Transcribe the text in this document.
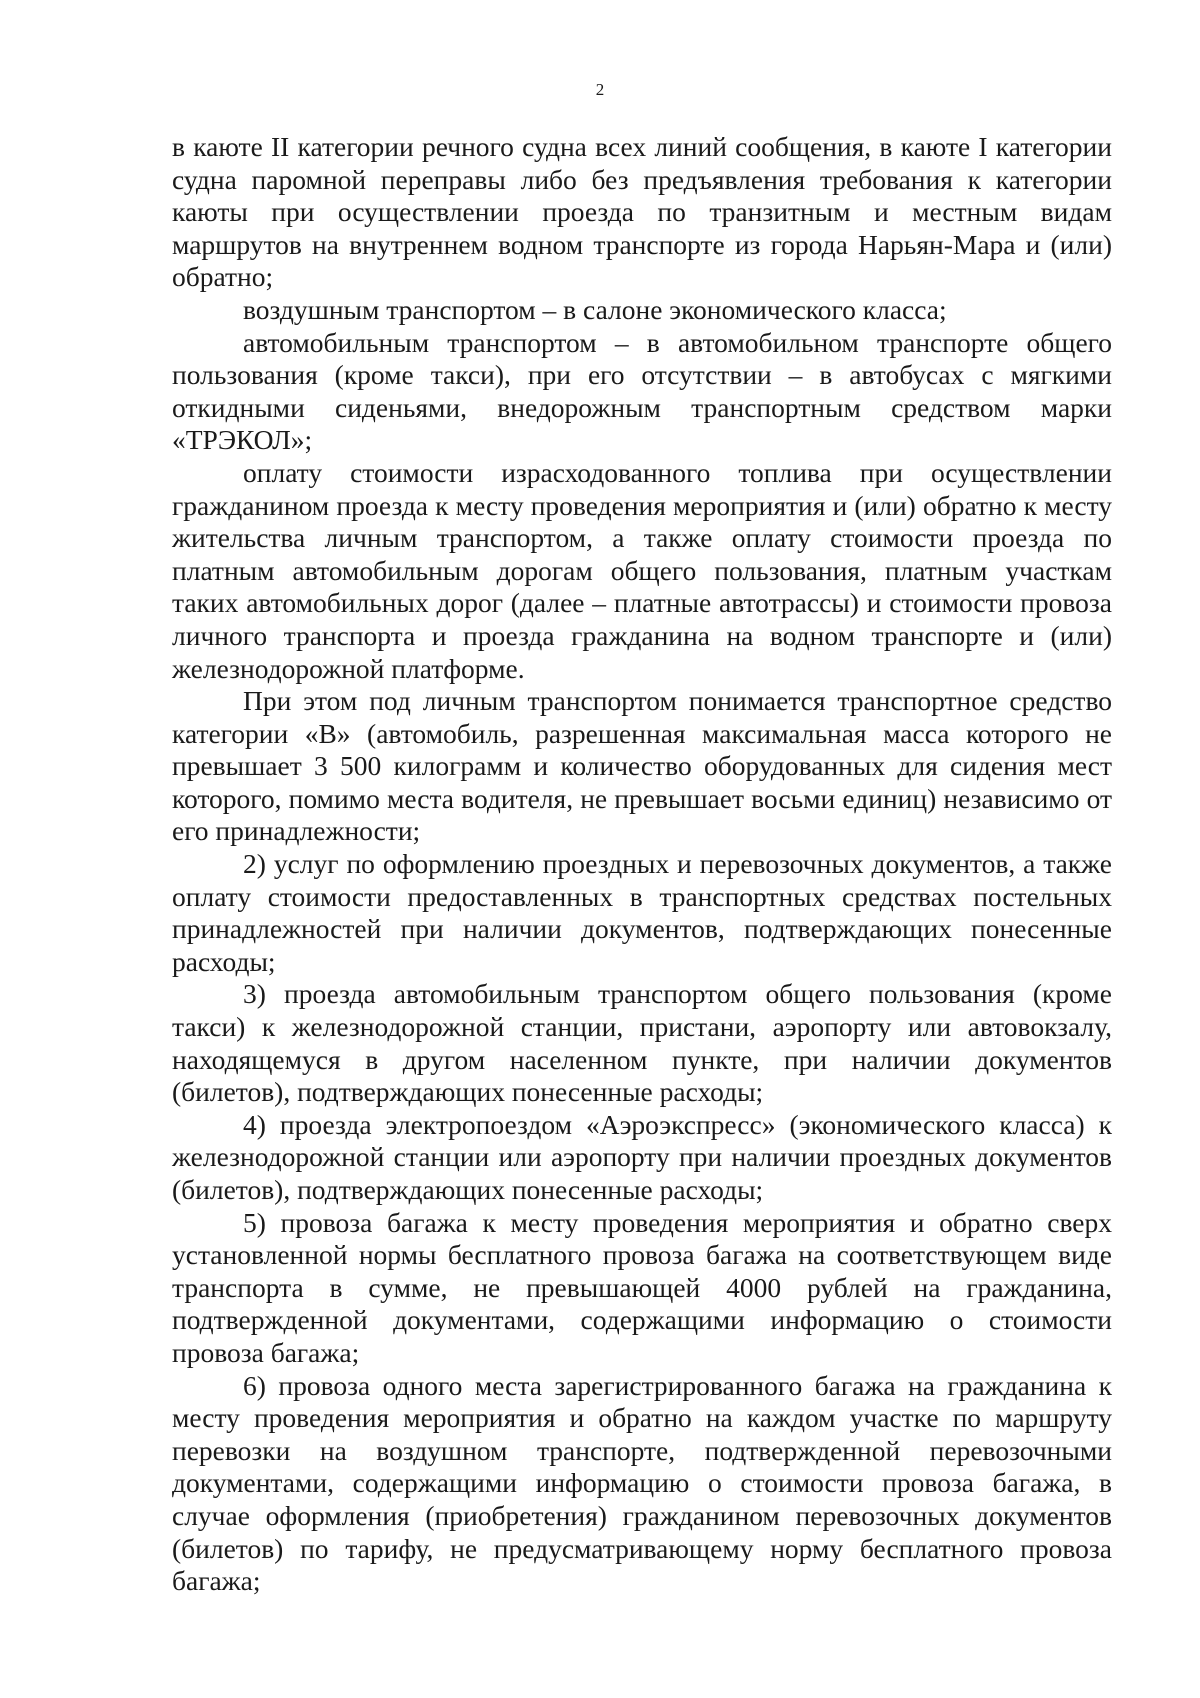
2

в каюте II категории речного судна всех линий сообщения, в каюте I категории судна паромной переправы либо без предъявления требования к категории каюты при осуществлении проезда по транзитным и местным видам маршрутов на внутреннем водном транспорте из города Нарьян-Мара и (или) обратно;

воздушным транспортом – в салоне экономического класса;

автомобильным транспортом – в автомобильном транспорте общего пользования (кроме такси), при его отсутствии – в автобусах с мягкими откидными сиденьями, внедорожным транспортным средством марки «ТРЭКОЛ»;

оплату стоимости израсходованного топлива при осуществлении гражданином проезда к месту проведения мероприятия и (или) обратно к месту жительства личным транспортом, а также оплату стоимости проезда по платным автомобильным дорогам общего пользования, платным участкам таких автомобильных дорог (далее – платные автотрассы) и стоимости провоза личного транспорта и проезда гражданина на водном транспорте и (или) железнодорожной платформе.

При этом под личным транспортом понимается транспортное средство категории «В» (автомобиль, разрешенная максимальная масса которого не превышает 3 500 килограмм и количество оборудованных для сидения мест которого, помимо места водителя, не превышает восьми единиц) независимо от его принадлежности;

2) услуг по оформлению проездных и перевозочных документов, а также оплату стоимости предоставленных в транспортных средствах постельных принадлежностей при наличии документов, подтверждающих понесенные расходы;

3) проезда автомобильным транспортом общего пользования (кроме такси) к железнодорожной станции, пристани, аэропорту или автовокзалу, находящемуся в другом населенном пункте, при наличии документов (билетов), подтверждающих понесенные расходы;

4) проезда электропоездом «Аэроэкспресс» (экономического класса) к железнодорожной станции или аэропорту при наличии проездных документов (билетов), подтверждающих понесенные расходы;

5) провоза багажа к месту проведения мероприятия и обратно сверх установленной нормы бесплатного провоза багажа на соответствующем виде транспорта в сумме, не превышающей 4000 рублей на гражданина, подтвержденной документами, содержащими информацию о стоимости провоза багажа;

6) провоза одного места зарегистрированного багажа на гражданина к месту проведения мероприятия и обратно на каждом участке по маршруту перевозки на воздушном транспорте, подтвержденной перевозочными документами, содержащими информацию о стоимости провоза багажа, в случае оформления (приобретения) гражданином перевозочных документов (билетов) по тарифу, не предусматривающему норму бесплатного провоза багажа;
